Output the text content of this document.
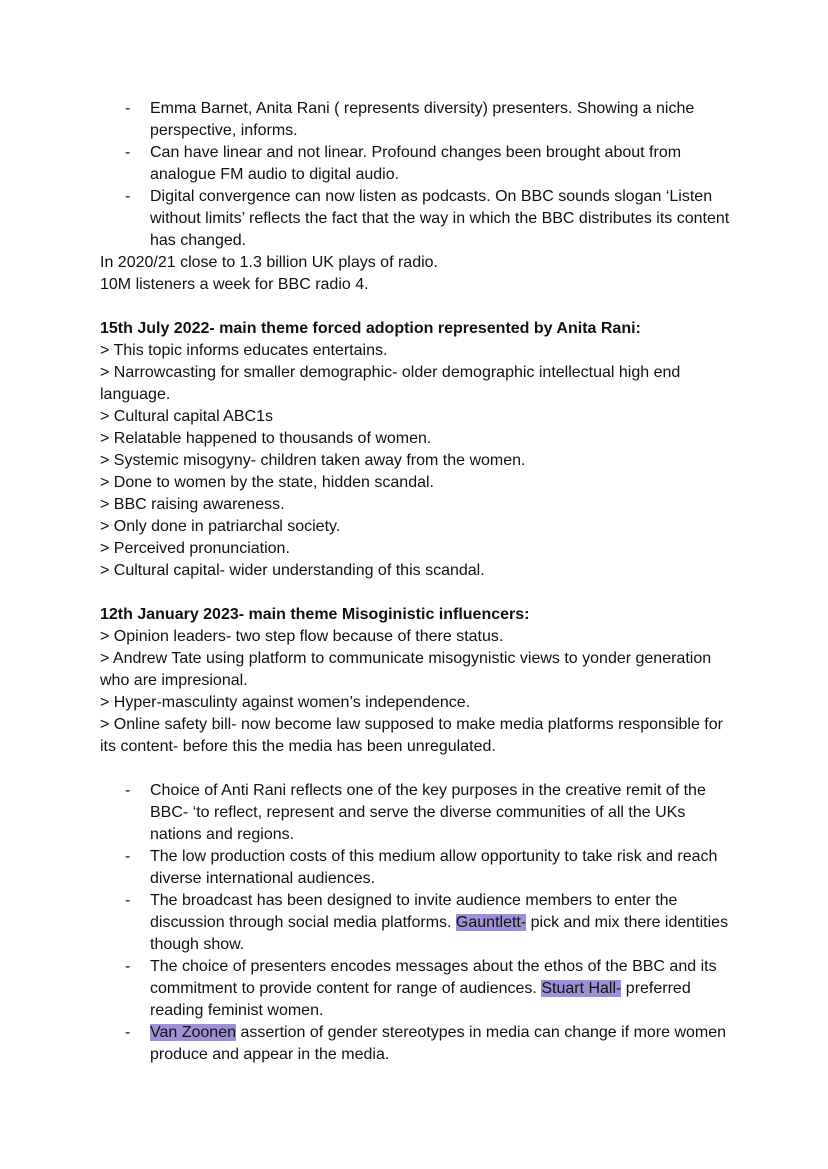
- Emma Barnet, Anita Rani ( represents diversity) presenters. Showing a niche perspective, informs.
- Can have linear and not linear. Profound changes been brought about from analogue FM audio to digital audio.
- Digital convergence can now listen as podcasts. On BBC sounds slogan ‘Listen without limits’ reflects the fact that the way in which the BBC distributes its content has changed.

In 2020/21 close to 1.3 billion UK plays of radio.

10M listeners a week for BBC radio 4.

15th July 2022- main theme forced adoption represented by Anita Rani:

> This topic informs educates entertains.

> Narrowcasting for smaller demographic- older demographic intellectual high end language.

> Cultural capital ABC1s

> Relatable happened to thousands of women.

> Systemic misogyny- children taken away from the women.

> Done to women by the state, hidden scandal.

> BBC raising awareness.

> Only done in patriarchal society.

> Perceived pronunciation.

> Cultural capital- wider understanding of this scandal.

12th January 2023- main theme Misoginistic influencers:

> Opinion leaders- two step flow because of there status.

> Andrew Tate using platform to communicate misogynistic views to yonder generation who are impresional.

> Hyper-masculinty against women’s independence.

> Online safety bill- now become law supposed to make media platforms responsible for its content- before this the media has been unregulated.

- Choice of Anti Rani reflects one of the key purposes in the creative remit of the BBC- ‘to reflect, represent and serve the diverse communities of all the UKs nations and regions.
- The low production costs of this medium allow opportunity to take risk and reach diverse international audiences.
- The broadcast has been designed to invite audience members to enter the discussion through social media platforms. Gauntlett- pick and mix there identities though show.
- The choice of presenters encodes messages about the ethos of the BBC and its commitment to provide content for range of audiences. Stuart Hall- preferred reading feminist women.
- Van Zoonen assertion of gender stereotypes in media can change if more women produce and appear in the media.
